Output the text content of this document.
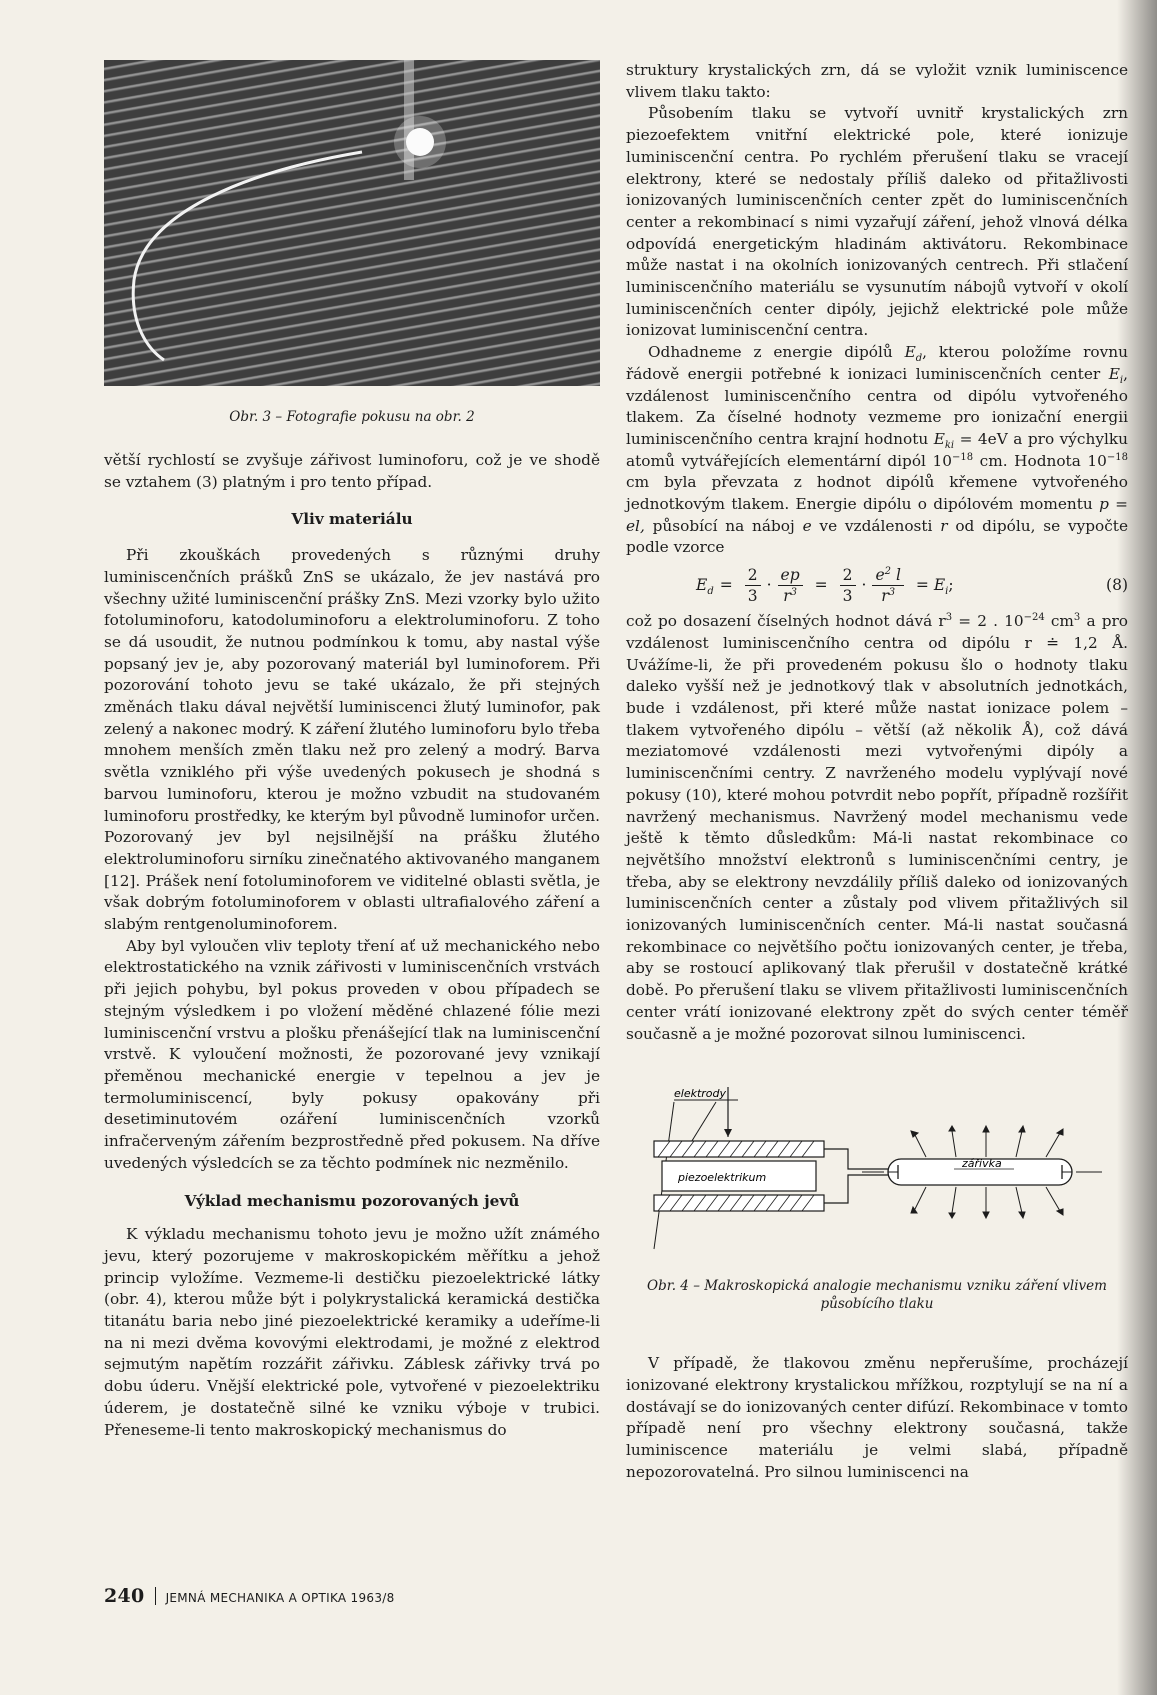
Obr. 3 – Fotografie pokusu na obr. 2

větší rychlostí se zvyšuje zářivost luminoforu, což je ve shodě se vztahem (3) platným i pro tento případ.

Vliv materiálu

Při zkouškách provedených s různými druhy luminiscenčních prášků ZnS se ukázalo, že jev nastává pro všechny užité luminiscenční prášky ZnS. Mezi vzorky bylo užito fotoluminoforu, katodoluminoforu a elektroluminoforu. Z toho se dá usoudit, že nutnou podmínkou k tomu, aby nastal výše popsaný jev je, aby pozorovaný materiál byl luminoforem. Při pozorování tohoto jevu se také ukázalo, že při stejných změnách tlaku dával největší luminiscenci žlutý luminofor, pak zelený a nakonec modrý. K záření žlutého luminoforu bylo třeba mnohem menších změn tlaku než pro zelený a modrý. Barva světla vzniklého při výše uvedených pokusech je shodná s barvou luminoforu, kterou je možno vzbudit na studovaném luminoforu prostředky, ke kterým byl původně luminofor určen. Pozorovaný jev byl nejsilnější na prášku žlutého elektroluminoforu sirníku zinečnatého aktivovaného manganem [12]. Prášek není fotoluminoforem ve viditelné oblasti světla, je však dobrým fotoluminoforem v oblasti ultrafialového záření a slabým rentgenoluminoforem.

Aby byl vyloučen vliv teploty tření ať už mechanického nebo elektrostatického na vznik zářivosti v luminiscenčních vrstvách při jejich pohybu, byl pokus proveden v obou případech se stejným výsledkem i po vložení měděné chlazené fólie mezi luminiscenční vrstvu a plošku přenášející tlak na luminiscenční vrstvě. K vyloučení možnosti, že pozorované jevy vznikají přeměnou mechanické energie v tepelnou a jev je termoluminiscencí, byly pokusy opakovány při desetiminutovém ozáření luminiscenčních vzorků infračerveným zářením bezprostředně před pokusem. Na dříve uvedených výsledcích se za těchto podmínek nic nezměnilo.

Výklad mechanismu pozorovaných jevů

K výkladu mechanismu tohoto jevu je možno užít známého jevu, který pozorujeme v makroskopickém měřítku a jehož princip vyložíme. Vezmeme-li destičku piezoelektrické látky (obr. 4), kterou může být i polykrystalická keramická destička titanátu baria nebo jiné piezoelektrické keramiky a udeříme-li na ni mezi dvěma kovovými elektrodami, je možné z elektrod sejmutým napětím rozzářit zářivku. Záblesk zářivky trvá po dobu úderu. Vnější elektrické pole, vytvořené v piezoelektriku úderem, je dostatečně silné ke vzniku výboje v trubici. Přeneseme-li tento makroskopický mechanismus do

struktury krystalických zrn, dá se vyložit vznik luminiscence vlivem tlaku takto:

Působením tlaku se vytvoří uvnitř krystalických zrn piezoefektem vnitřní elektrické pole, které ionizuje luminiscenční centra. Po rychlém přerušení tlaku se vracejí elektrony, které se nedostaly příliš daleko od přitažlivosti ionizovaných luminiscenčních center zpět do luminiscenčních center a rekombinací s nimi vyzařují záření, jehož vlnová délka odpovídá energetickým hladinám aktivátoru. Rekombinace může nastat i na okolních ionizovaných centrech. Při stlačení luminiscenčního materiálu se vysunutím nábojů vytvoří v okolí luminiscenčních center dipóly, jejichž elektrické pole může ionizovat luminiscenční centra.

Odhadneme z energie dipólů $E_d$, kterou položíme rovnu řádově energii potřebné k ionizaci luminiscenčních center $E_i$, vzdálenost luminiscenčního centra od dipólu vytvořeného tlakem. Za číselné hodnoty vezmeme pro ionizační energii luminiscenčního centra krajní hodnotu $E_{ki} = 4eV$ a pro výchylku atomů vytvářejících elementární dipól $10^{-18}$ cm. Hodnota $10^{-18}$ cm byla převzata z hodnot dipólů křemene vytvořeného jednotkovým tlakem. Energie dipólu o dipólovém momentu p = el, působící na náboj e ve vzdálenosti r od dipólu, se vypočte podle vzorce

$E_d = \frac{2}{3} \cdot \frac{ep}{r^3} = \frac{2}{3} \cdot \frac{e^2 l}{r^3} = E_i$ ;	(8)

což po dosazení číselných hodnot dává $r^3 = 2$ . $10^{-24}$ $cm^3$ a pro vzdálenost luminiscenčního centra od dipólu r ≐ 1,2 Å. Uvážíme-li, že při provedeném pokusu šlo o hodnoty tlaku daleko vyšší než je jednotkový tlak v absolutních jednotkách, bude i vzdálenost, při které může nastat ionizace polem – tlakem vytvořeného dipólu – větší (až několik Å), což dává meziatomové vzdálenosti mezi vytvořenými dipóly a luminiscenčními centry. Z navrženého modelu vyplývají nové pokusy (10), které mohou potvrdit nebo popřít, případně rozšířit navržený mechanismus. Navržený model mechanismu vede ještě k těmto důsledkům: Má-li nastat rekombinace co největšího množství elektronů s luminiscenčními centry, je třeba, aby se elektrony nevzdálily příliš daleko od ionizovaných luminiscenčních center a zůstaly pod vlivem přitažlivých sil ionizovaných luminiscenčních center. Má-li nastat současná rekombinace co největšího počtu ionizovaných center, je třeba, aby se rostoucí aplikovaný tlak přerušil v dostatečně krátké době. Po přerušení tlaku se vlivem přitažlivosti luminiscenčních center vrátí ionizované elektrony zpět do svých center téměř současně a je možné pozorovat silnou luminiscenci.

elektrody
piezoelektrikum
zářivka
Obr. 4 – Makroskopická analogie mechanismu vzniku záření vlivem působícího tlaku

V případě, že tlakovou změnu nepřerušíme, procházejí ionizované elektrony krystalickou mřížkou, rozptylují se na ní a dostávají se do ionizovaných center difúzí. Rekombinace v tomto případě není pro všechny elektrony současná, takže luminiscence materiálu je velmi slabá, případně nepozorovatelná. Pro silnou luminiscenci na

240 JEMNÁ MECHANIKA A OPTIKA 1963/8
